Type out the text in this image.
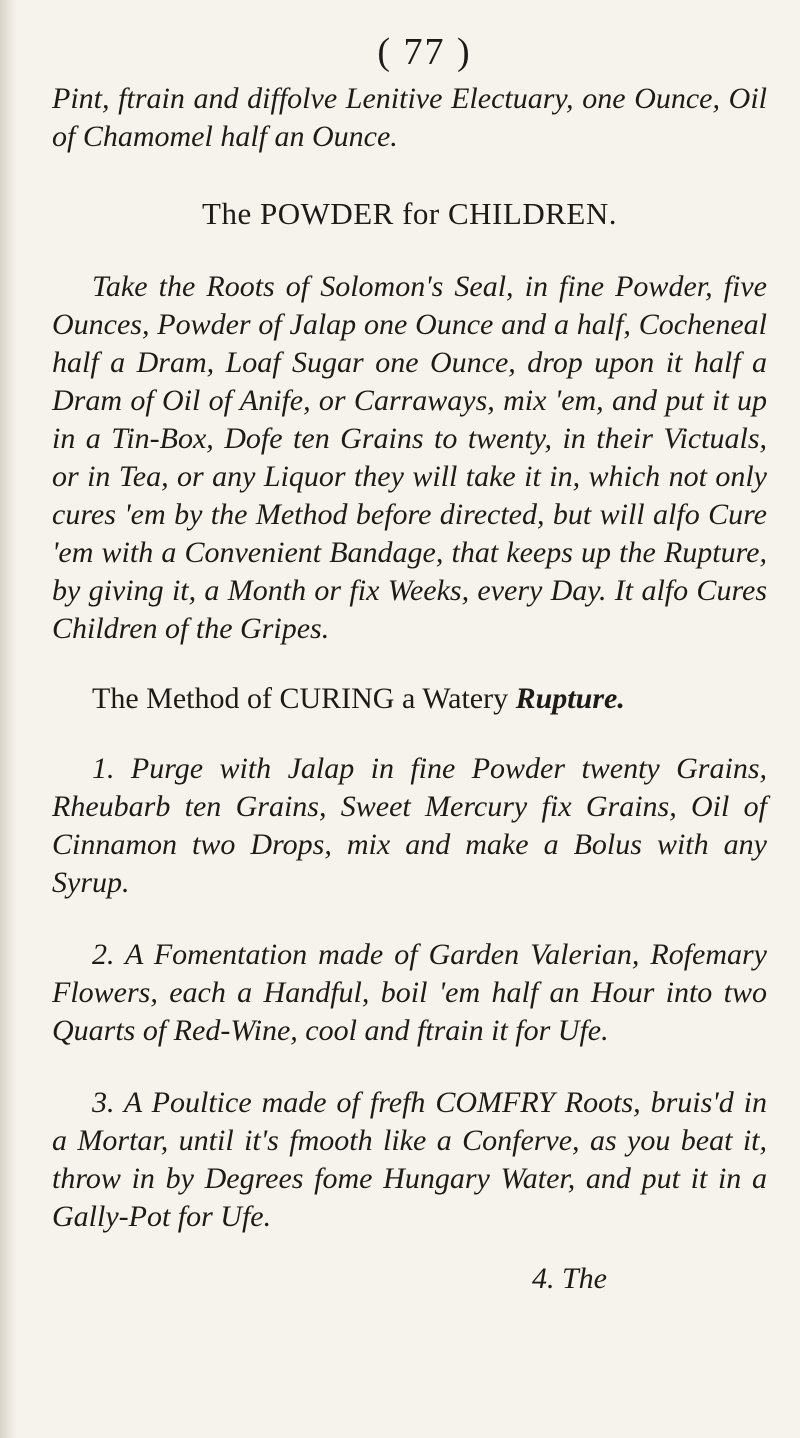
( 77 )

Pint, ftrain and diffolve Lenitive Electuary, one Ounce, Oil of Chamomel half an Ounce.

The POWDER for CHILDREN.

Take the Roots of Solomon's Seal, in fine Powder, five Ounces, Powder of Jalap one Ounce and a half, Cocheneal half a Dram, Loaf Sugar one Ounce, drop upon it half a Dram of Oil of Anife, or Carraways, mix 'em, and put it up in a Tin-Box, Dofe ten Grains to twenty, in their Victuals, or in Tea, or any Liquor they will take it in, which not only cures 'em by the Method before directed, but will alfo Cure 'em with a Convenient Bandage, that keeps up the Rupture, by giving it, a Month or fix Weeks, every Day. It alfo Cures Children of the Gripes.

The Method of CURING a Watery Rupture.

1. Purge with Jalap in fine Powder twenty Grains, Rheubarb ten Grains, Sweet Mercury fix Grains, Oil of Cinnamon two Drops, mix and make a Bolus with any Syrup.

2. A Fomentation made of Garden Valerian, Rofemary Flowers, each a Handful, boil 'em half an Hour into two Quarts of Red-Wine, cool and ftrain it for Ufe.

3. A Poultice made of frefh COMFRY Roots, bruis'd in a Mortar, until it's fmooth like a Conferve, as you beat it, throw in by Degrees fome Hungary Water, and put it in a Gally-Pot for Ufe.

4. The
